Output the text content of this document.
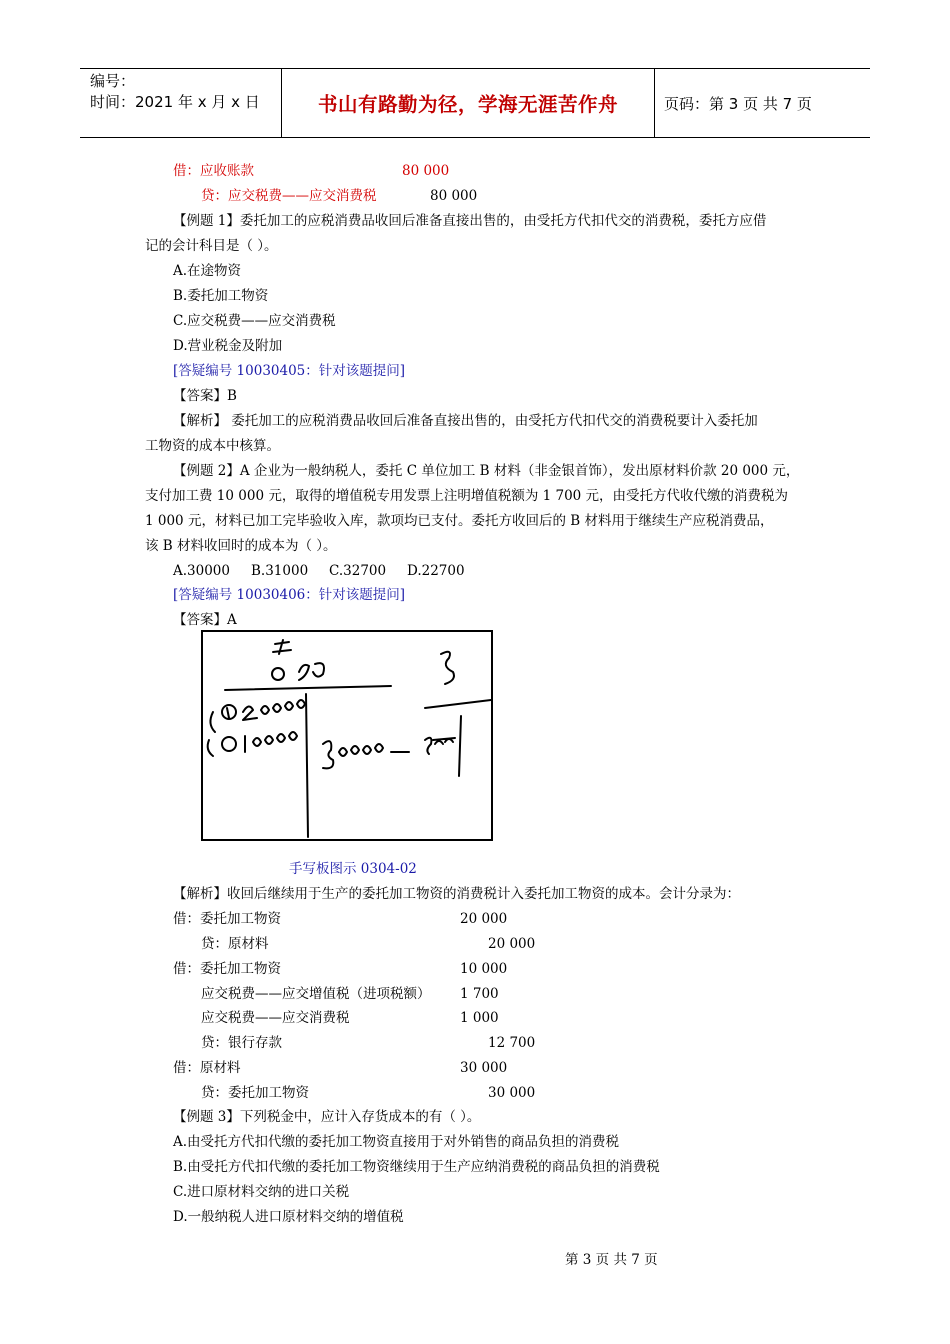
编号：
时间：2021 年 x 月 x 日	书山有路勤为径，学海无涯苦作舟	页码：第 3 页 共 7 页
借：应收账款	80 000
贷：应交税费——应交消费税	80 000
【例题 1】委托加工的应税消费品收回后准备直接出售的，由受托方代扣代交的消费税，委托方应借
记的会计科目是（ ）。
A.在途物资
B.委托加工物资
C.应交税费——应交消费税
D.营业税金及附加
[答疑编号 10030405：针对该题提问]
【答案】B
【解析】 委托加工的应税消费品收回后准备直接出售的，由受托方代扣代交的消费税要计入委托加
工物资的成本中核算。
【例题 2】A 企业为一般纳税人，委托 C 单位加工 B 材料（非金银首饰），发出原材料价款 20 000 元，
支付加工费 10 000 元，取得的增值税专用发票上注明增值税额为 1 700 元，由受托方代收代缴的消费税为
1 000 元，材料已加工完毕验收入库，款项均已支付。委托方收回后的 B 材料用于继续生产应税消费品，
该 B 材料收回时的成本为（ ）。
A.30000 B.31000 C.32700 D.22700
[答疑编号 10030406：针对该题提问]
【答案】A
手写板图示 0304-02
【解析】收回后继续用于生产的委托加工物资的消费税计入委托加工物资的成本。会计分录为：
借：委托加工物资	20 000
贷：原材料	20 000
借：委托加工物资	10 000
应交税费——应交增值税（进项税额） 1 700
应交税费——应交消费税	1 000
贷：银行存款	12 700
借：原材料	30 000
贷：委托加工物资	30 000
【例题 3】下列税金中，应计入存货成本的有（ ）。
A.由受托方代扣代缴的委托加工物资直接用于对外销售的商品负担的消费税
B.由受托方代扣代缴的委托加工物资继续用于生产应纳消费税的商品负担的消费税
C.进口原材料交纳的进口关税
D.一般纳税人进口原材料交纳的增值税
第 3 页 共 7 页
